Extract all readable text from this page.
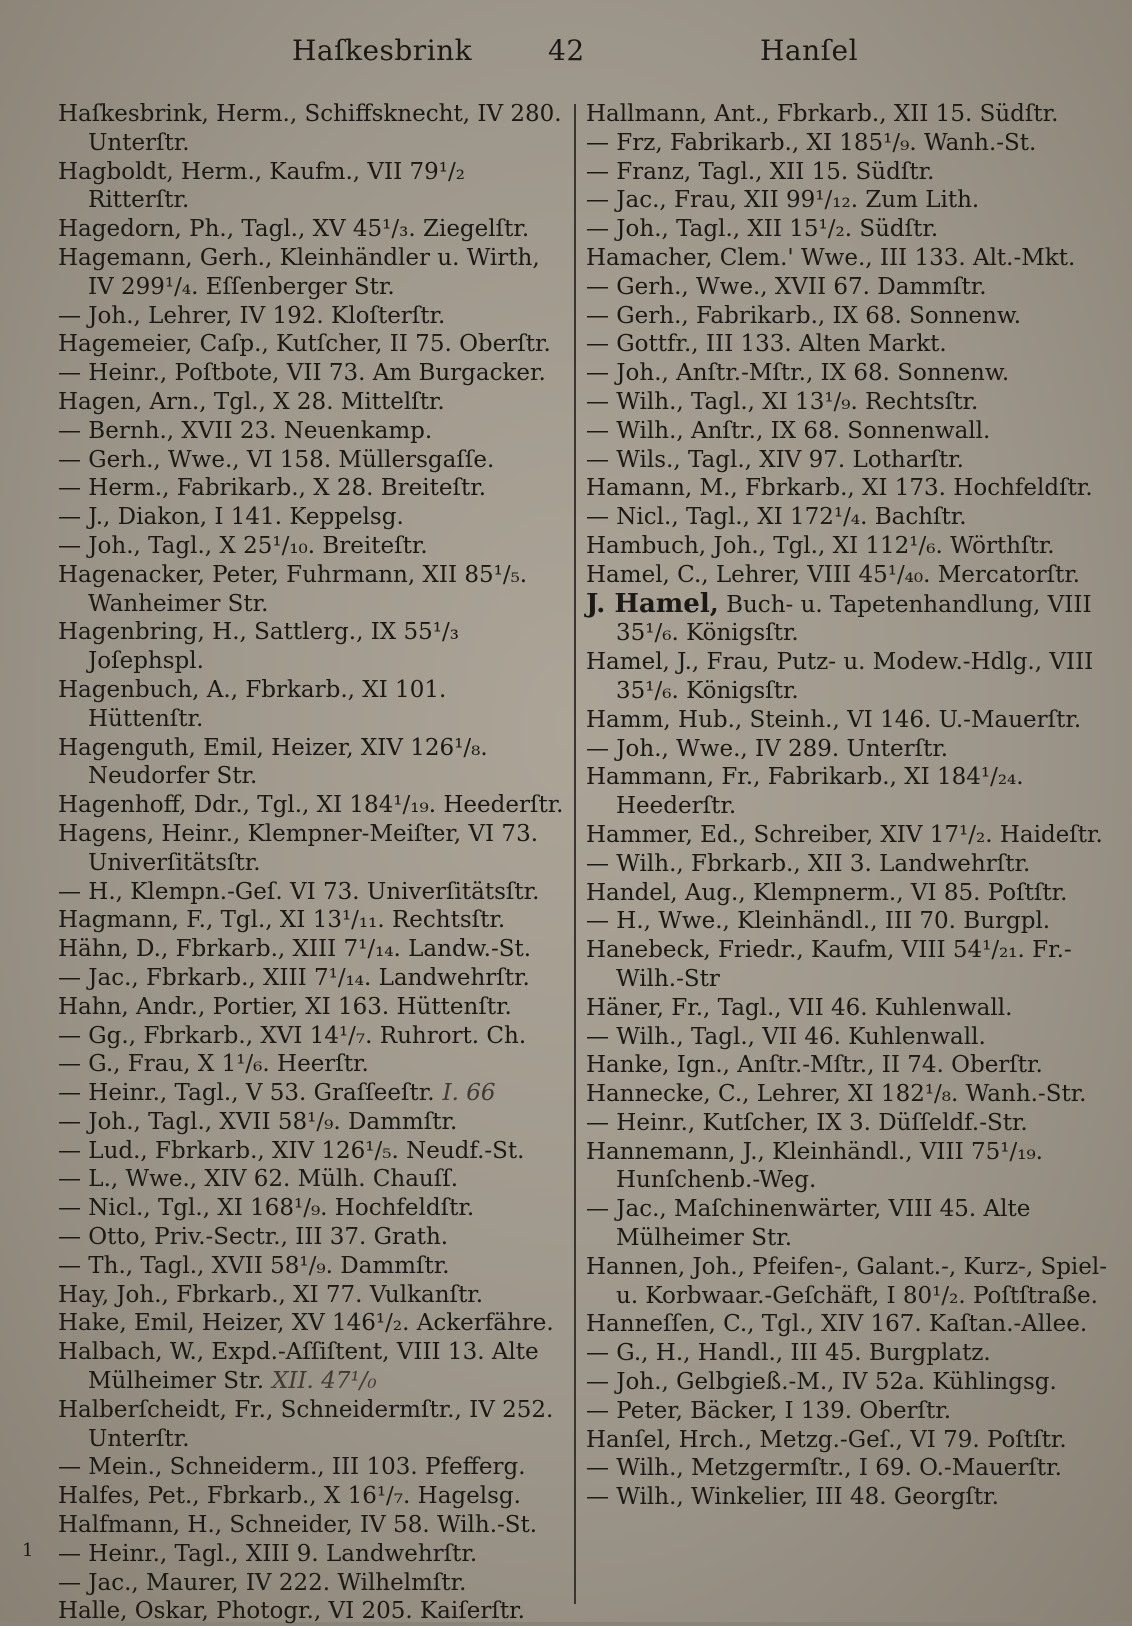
Haſkesbrink	42	Hanſel

Haſkesbrink, Herm., Schiffsknecht, IV 280. Unterſtr.

Hagboldt, Herm., Kaufm., VII 79¹/₂ Ritterſtr.

Hagedorn, Ph., Tagl., XV 45¹/₃. Ziegelſtr.

Hagemann, Gerh., Kleinhändler u. Wirth, IV 299¹/₄. Eſſenberger Str.

— Joh., Lehrer, IV 192. Kloſterſtr.

Hagemeier, Caſp., Kutſcher, II 75. Oberſtr.

— Heinr., Poſtbote, VII 73. Am Burgacker.

Hagen, Arn., Tgl., X 28. Mittelſtr.

— Bernh., XVII 23. Neuenkamp.

— Gerh., Wwe., VI 158. Müllersgaſſe.

— Herm., Fabrikarb., X 28. Breiteſtr.

— J., Diakon, I 141. Keppelsg.

— Joh., Tagl., X 25¹/₁₀. Breiteſtr.

Hagenacker, Peter, Fuhrmann, XII 85¹/₅. Wanheimer Str.

Hagenbring, H., Sattlerg., IX 55¹/₃ Joſephspl.

Hagenbuch, A., Fbrkarb., XI 101. Hüttenſtr.

Hagenguth, Emil, Heizer, XIV 126¹/₈. Neudorfer Str.

Hagenhoff, Ddr., Tgl., XI 184¹/₁₉. Heederſtr.

Hagens, Heinr., Klempner-Meiſter, VI 73. Univerſitätsſtr.

— H., Klempn.-Geſ. VI 73. Univerſitätsſtr.

Hagmann, F., Tgl., XI 13¹/₁₁. Rechtsſtr.

Hähn, D., Fbrkarb., XIII 7¹/₁₄. Landw.-St.

— Jac., Fbrkarb., XIII 7¹/₁₄. Landwehrſtr.

Hahn, Andr., Portier, XI 163. Hüttenſtr.

— Gg., Fbrkarb., XVI 14¹/₇. Ruhrort. Ch.

— G., Frau, X 1¹/₆. Heerſtr.

— Heinr., Tagl., V 53. Graſſeeſtr. I. 66

— Joh., Tagl., XVII 58¹/₉. Dammſtr.

— Lud., Fbrkarb., XIV 126¹/₅. Neudf.-St.

— L., Wwe., XIV 62. Mülh. Chauſſ.

— Nicl., Tgl., XI 168¹/₉. Hochfeldſtr.

— Otto, Priv.-Sectr., III 37. Grath.

— Th., Tagl., XVII 58¹/₉. Dammſtr.

Hay, Joh., Fbrkarb., XI 77. Vulkanſtr.

Hake, Emil, Heizer, XV 146¹/₂. Ackerfähre.

Halbach, W., Expd.-Aſſiſtent, VIII 13. Alte Mülheimer Str. XII. 47¹/₀

Halberſcheidt, Fr., Schneidermſtr., IV 252. Unterſtr.

— Mein., Schneiderm., III 103. Pfefferg.

Halfes, Pet., Fbrkarb., X 16¹/₇. Hagelsg.

Halfmann, H., Schneider, IV 58. Wilh.-St.

— Heinr., Tagl., XIII 9. Landwehrſtr.

— Jac., Maurer, IV 222. Wilhelmſtr.

Halle, Oskar, Photogr., VI 205. Kaiſerſtr.

Hallmann, Ant., Fbrkarb., XII 15. Südſtr.

— Frz, Fabrikarb., XI 185¹/₉. Wanh.-St.

— Franz, Tagl., XII 15. Südſtr.

— Jac., Frau, XII 99¹/₁₂. Zum Lith.

— Joh., Tagl., XII 15¹/₂. Südſtr.

Hamacher, Clem.' Wwe., III 133. Alt.-Mkt.

— Gerh., Wwe., XVII 67. Dammſtr.

— Gerh., Fabrikarb., IX 68. Sonnenw.

— Gottfr., III 133. Alten Markt.

— Joh., Anſtr.-Mſtr., IX 68. Sonnenw.

— Wilh., Tagl., XI 13¹/₉. Rechtsſtr.

— Wilh., Anſtr., IX 68. Sonnenwall.

— Wils., Tagl., XIV 97. Lotharſtr.

Hamann, M., Fbrkarb., XI 173. Hochfeldſtr.

— Nicl., Tagl., XI 172¹/₄. Bachſtr.

Hambuch, Joh., Tgl., XI 112¹/₆. Wörthſtr.

Hamel, C., Lehrer, VIII 45¹/₄₀. Mercatorſtr.

J. Hamel, Buch- u. Tapetenhandlung, VIII 35¹/₆. Königsſtr.

Hamel, J., Frau, Putz- u. Modew.-Hdlg., VIII 35¹/₆. Königsſtr.

Hamm, Hub., Steinh., VI 146. U.-Mauerſtr.

— Joh., Wwe., IV 289. Unterſtr.

Hammann, Fr., Fabrikarb., XI 184¹/₂₄. Heederſtr.

Hammer, Ed., Schreiber, XIV 17¹/₂. Haideſtr.

— Wilh., Fbrkarb., XII 3. Landwehrſtr.

Handel, Aug., Klempnerm., VI 85. Poſtſtr.

— H., Wwe., Kleinhändl., III 70. Burgpl.

Hanebeck, Friedr., Kaufm, VIII 54¹/₂₁. Fr.-Wilh.-Str

Häner, Fr., Tagl., VII 46. Kuhlenwall.

— Wilh., Tagl., VII 46. Kuhlenwall.

Hanke, Ign., Anſtr.-Mſtr., II 74. Oberſtr.

Hannecke, C., Lehrer, XI 182¹/₈. Wanh.-Str.

— Heinr., Kutſcher, IX 3. Düſſeldf.-Str.

Hannemann, J., Kleinhändl., VIII 75¹/₁₉. Hunſchenb.-Weg.

— Jac., Maſchinenwärter, VIII 45. Alte Mülheimer Str.

Hannen, Joh., Pfeifen-, Galant.-, Kurz-, Spiel- u. Korbwaar.-Geſchäft, I 80¹/₂. Poſtſtraße.

Hanneſſen, C., Tgl., XIV 167. Kaſtan.-Allee.

— G., H., Handl., III 45. Burgplatz.

— Joh., Gelbgieß.-M., IV 52a. Kühlingsg.

— Peter, Bäcker, I 139. Oberſtr.

Hanſel, Hrch., Metzg.-Geſ., VI 79. Poſtſtr.

— Wilh., Metzgermſtr., I 69. O.-Mauerſtr.

— Wilh., Winkelier, III 48. Georgſtr.

1
